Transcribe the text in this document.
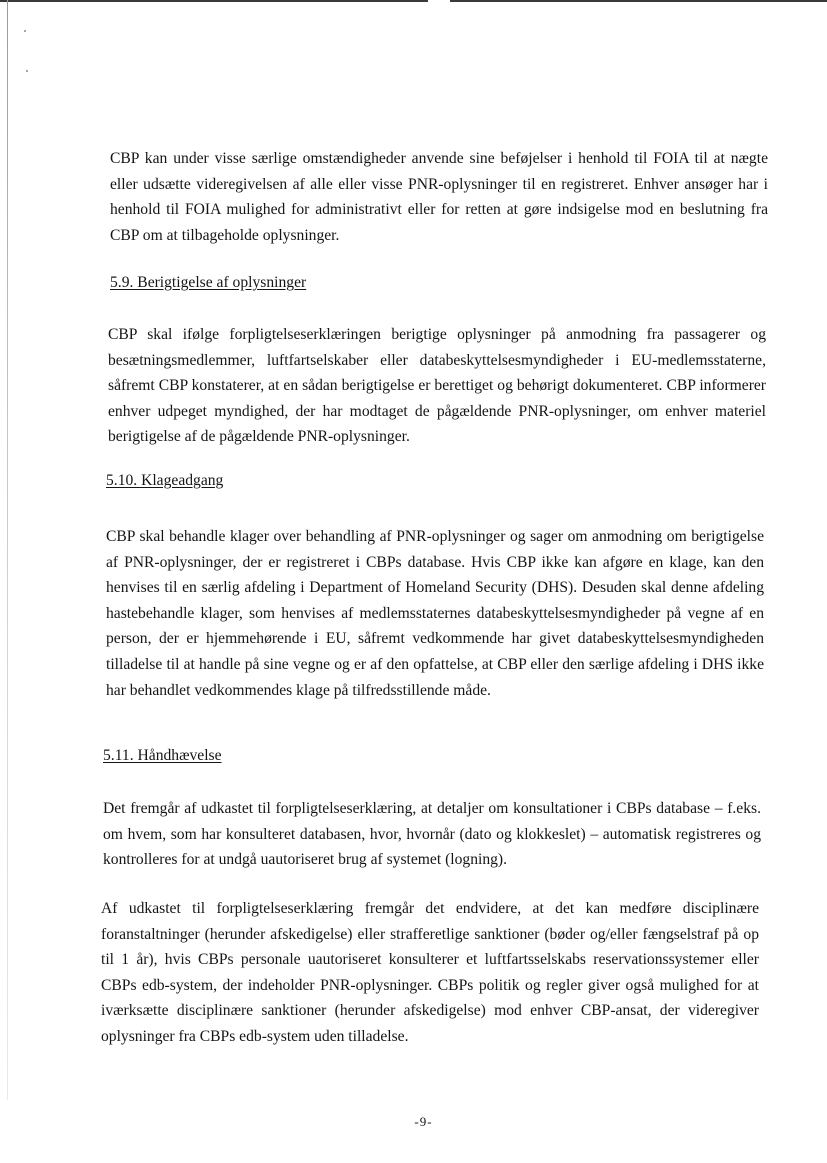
CBP kan under visse særlige omstændigheder anvende sine beføjelser i henhold til FOIA til at nægte eller udsætte videregivelsen af alle eller visse PNR-oplysninger til en registreret. Enhver ansøger har i henhold til FOIA mulighed for administrativt eller for retten at gøre indsigelse mod en beslutning fra CBP om at tilbageholde oplysninger.

5.9. Berigtigelse af oplysninger

CBP skal ifølge forpligtelseserklæringen berigtige oplysninger på anmodning fra passagerer og besætningsmedlemmer, luftfartselskaber eller databeskyttelsesmyndigheder i EU-medlemsstaterne, såfremt CBP konstaterer, at en sådan berigtigelse er berettiget og behørigt dokumenteret. CBP informerer enhver udpeget myndighed, der har modtaget de pågældende PNR-oplysninger, om enhver materiel berigtigelse af de pågældende PNR-oplysninger.

5.10. Klageadgang

CBP skal behandle klager over behandling af PNR-oplysninger og sager om anmodning om berigtigelse af PNR-oplysninger, der er registreret i CBPs database. Hvis CBP ikke kan afgøre en klage, kan den henvises til en særlig afdeling i Department of Homeland Security (DHS). Desuden skal denne afdeling hastebehandle klager, som henvises af medlemsstaternes databeskyttelsesmyndigheder på vegne af en person, der er hjemmehørende i EU, såfremt vedkommende har givet databeskyttelsesmyndigheden tilladelse til at handle på sine vegne og er af den opfattelse, at CBP eller den særlige afdeling i DHS ikke har behandlet vedkommendes klage på tilfredsstillende måde.

5.11. Håndhævelse

Det fremgår af udkastet til forpligtelseserklæring, at detaljer om konsultationer i CBPs database – f.eks. om hvem, som har konsulteret databasen, hvor, hvornår (dato og klokkeslet) – automatisk registreres og kontrolleres for at undgå uautoriseret brug af systemet (logning).

Af udkastet til forpligtelseserklæring fremgår det endvidere, at det kan medføre disciplinære foranstaltninger (herunder afskedigelse) eller strafferetlige sanktioner (bøder og/eller fængselstraf på op til 1 år), hvis CBPs personale uautoriseret konsulterer et luftfartsselskabs reservationssystemer eller CBPs edb-system, der indeholder PNR-oplysninger. CBPs politik og regler giver også mulighed for at iværksætte disciplinære sanktioner (herunder afskedigelse) mod enhver CBP-ansat, der videregiver oplysninger fra CBPs edb-system uden tilladelse.

-9-
